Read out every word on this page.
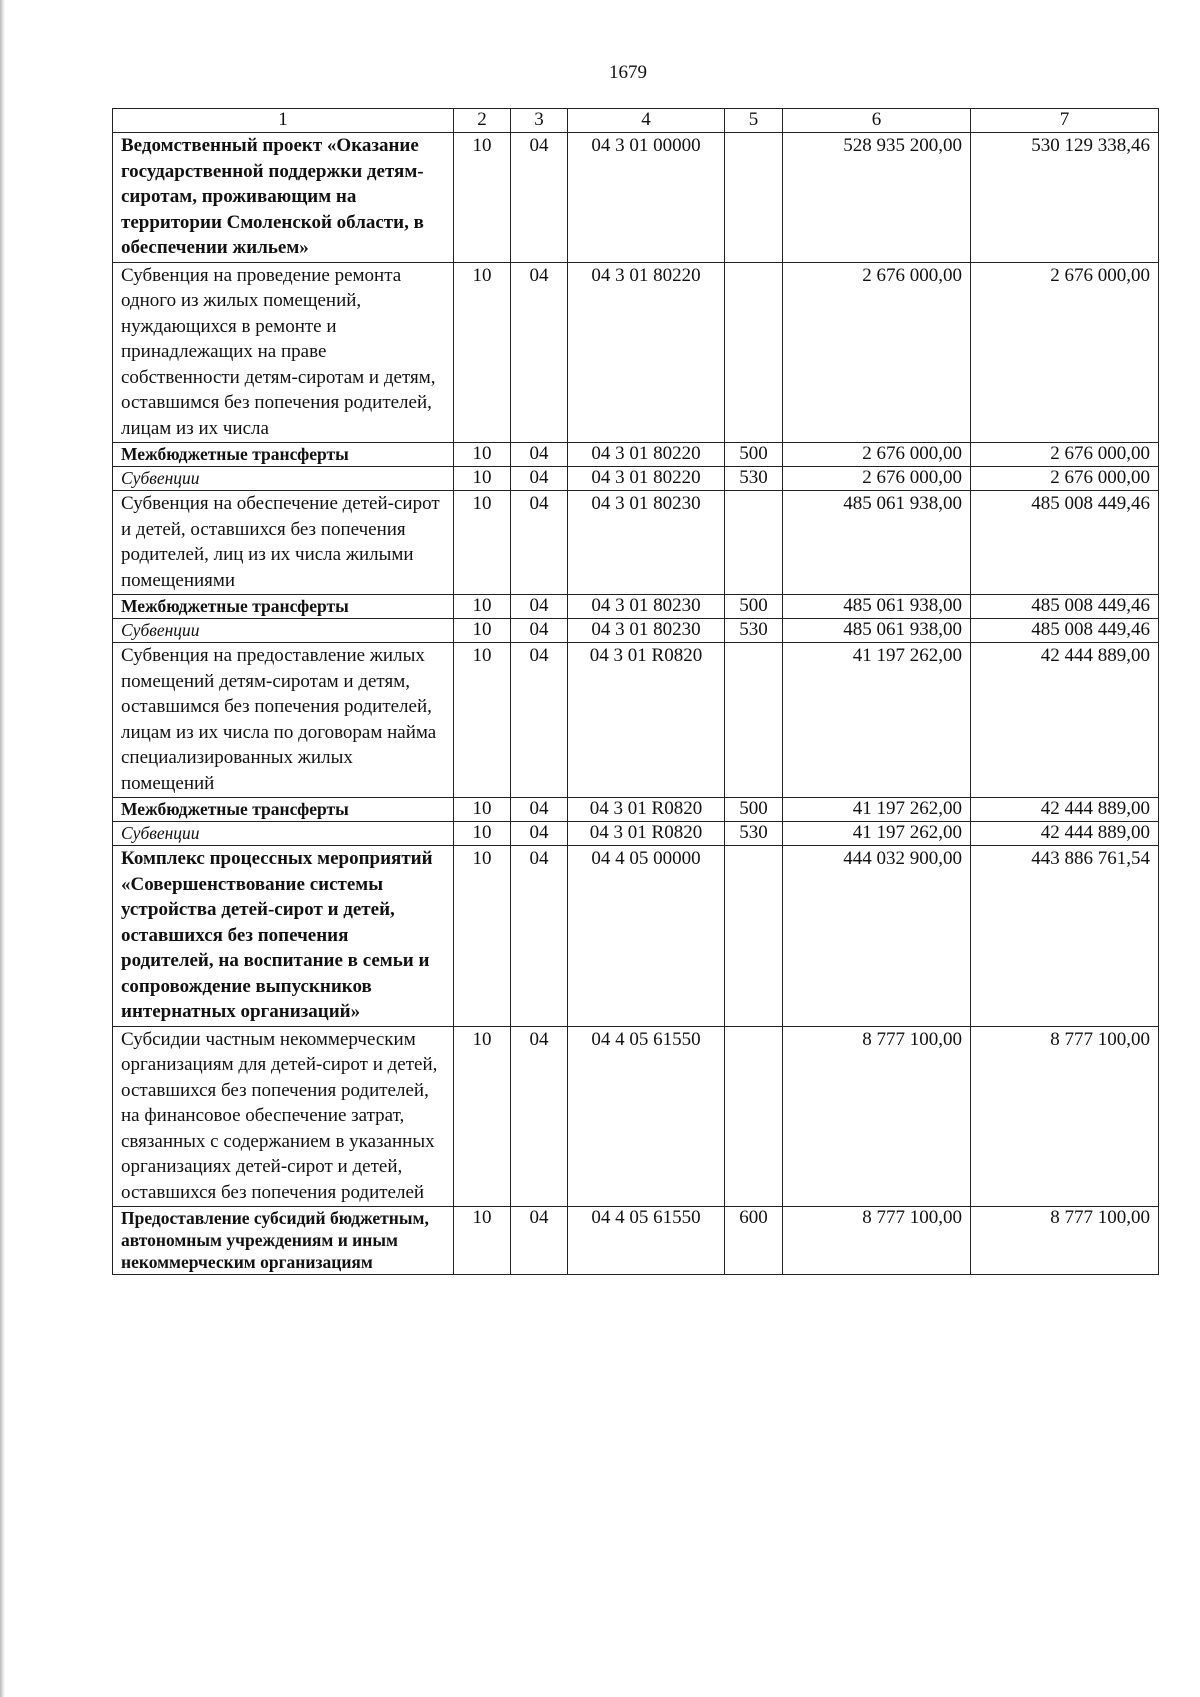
1679
1	2	3	4	5	6	7
Ведомственный проект «Оказание государственной поддержки детям-сиротам, проживающим на территории Смоленской области, в обеспечении жильем»	10	04	04 3 01 00000		528 935 200,00	530 129 338,46
Субвенция на проведение ремонта одного из жилых помещений, нуждающихся в ремонте и принадлежащих на праве собственности детям-сиротам и детям, оставшимся без попечения родителей, лицам из их числа	10	04	04 3 01 80220		2 676 000,00	2 676 000,00
Межбюджетные трансферты	10	04	04 3 01 80220	500	2 676 000,00	2 676 000,00
Субвенции	10	04	04 3 01 80220	530	2 676 000,00	2 676 000,00
Субвенция на обеспечение детей-сирот и детей, оставшихся без попечения родителей, лиц из их числа жилыми помещениями	10	04	04 3 01 80230		485 061 938,00	485 008 449,46
Межбюджетные трансферты	10	04	04 3 01 80230	500	485 061 938,00	485 008 449,46
Субвенции	10	04	04 3 01 80230	530	485 061 938,00	485 008 449,46
Субвенция на предоставление жилых помещений детям-сиротам и детям, оставшимся без попечения родителей, лицам из их числа по договорам найма специализированных жилых помещений	10	04	04 3 01 R0820		41 197 262,00	42 444 889,00
Межбюджетные трансферты	10	04	04 3 01 R0820	500	41 197 262,00	42 444 889,00
Субвенции	10	04	04 3 01 R0820	530	41 197 262,00	42 444 889,00
Комплекс процессных мероприятий «Совершенствование системы устройства детей-сирот и детей, оставшихся без попечения родителей, на воспитание в семьи и сопровождение выпускников интернатных организаций»	10	04	04 4 05 00000		444 032 900,00	443 886 761,54
Субсидии частным некоммерческим организациям для детей-сирот и детей, оставшихся без попечения родителей, на финансовое обеспечение затрат, связанных с содержанием в указанных организациях детей-сирот и детей, оставшихся без попечения родителей	10	04	04 4 05 61550		8 777 100,00	8 777 100,00
Предоставление субсидий бюджетным, автономным учреждениям и иным некоммерческим организациям	10	04	04 4 05 61550	600	8 777 100,00	8 777 100,00
